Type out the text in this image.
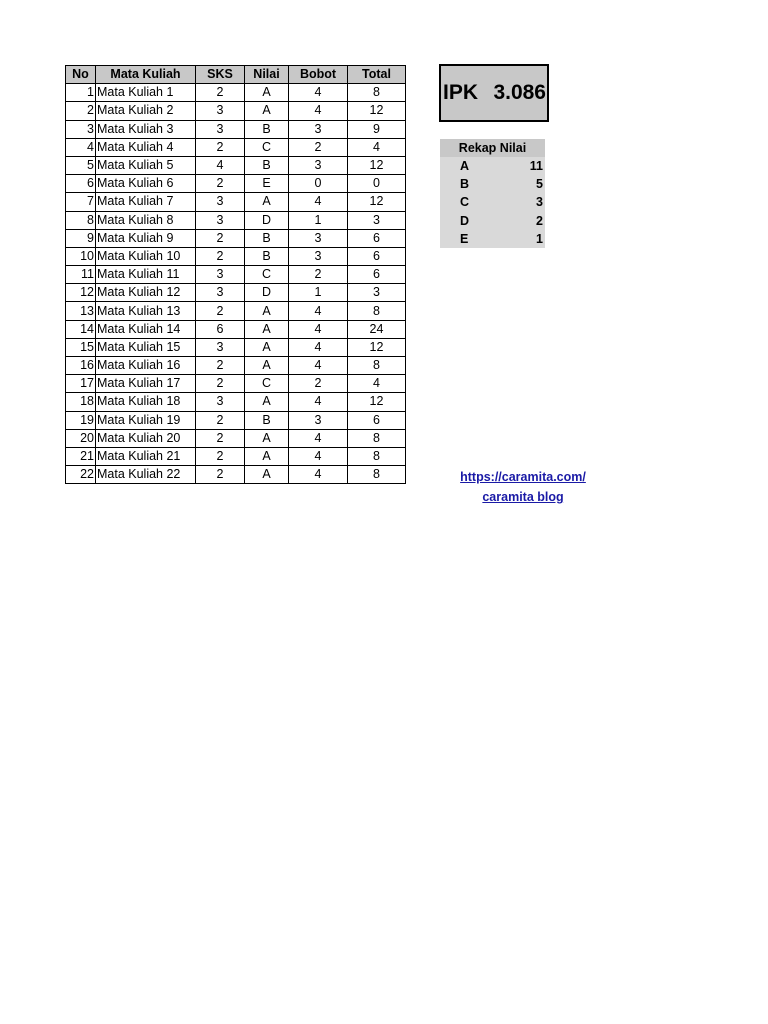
No	Mata Kuliah	SKS	Nilai	Bobot	Total
1	Mata Kuliah 1	2	A	4	8
2	Mata Kuliah 2	3	A	4	12
3	Mata Kuliah 3	3	B	3	9
4	Mata Kuliah 4	2	C	2	4
5	Mata Kuliah 5	4	B	3	12
6	Mata Kuliah 6	2	E	0	0
7	Mata Kuliah 7	3	A	4	12
8	Mata Kuliah 8	3	D	1	3
9	Mata Kuliah 9	2	B	3	6
10	Mata Kuliah 10	2	B	3	6
11	Mata Kuliah 11	3	C	2	6
12	Mata Kuliah 12	3	D	1	3
13	Mata Kuliah 13	2	A	4	8
14	Mata Kuliah 14	6	A	4	24
15	Mata Kuliah 15	3	A	4	12
16	Mata Kuliah 16	2	A	4	8
17	Mata Kuliah 17	2	C	2	4
18	Mata Kuliah 18	3	A	4	12
19	Mata Kuliah 19	2	B	3	6
20	Mata Kuliah 20	2	A	4	8
21	Mata Kuliah 21	2	A	4	8
22	Mata Kuliah 22	2	A	4	8
IPK 3.086
Rekap Nilai
A	11
B	5
C	3
D	2
E	1
https://caramita.com/
caramita blog
